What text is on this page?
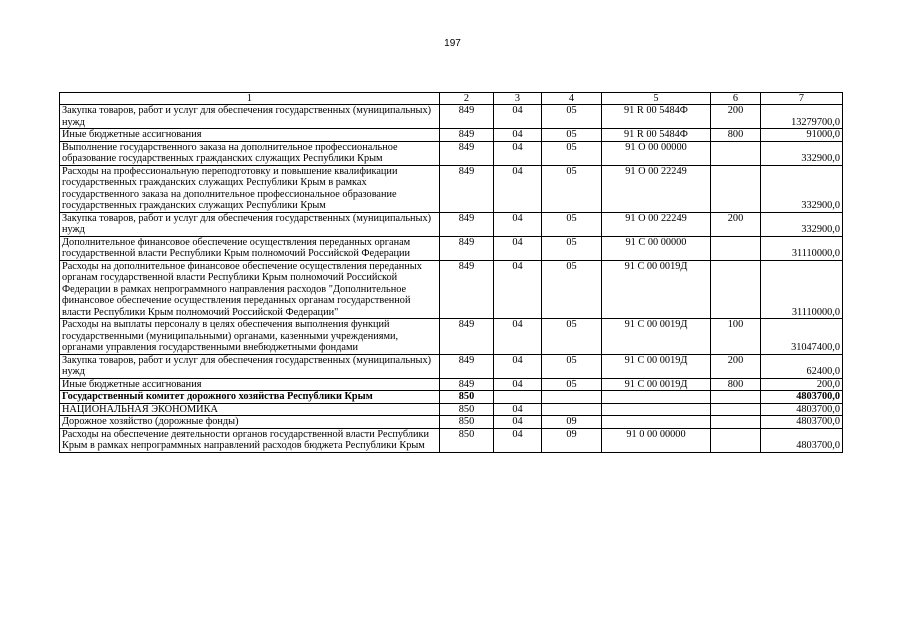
197
1	2	3	4	5	6	7
Закупка товаров, работ и услуг для обеспечения государственных (муниципальных) нужд	849	04	05	91 R 00 5484Ф	200	13279700,0
Иные бюджетные ассигнования	849	04	05	91 R 00 5484Ф	800	91000,0
Выполнение государственного заказа на дополнительное профессиональное образование государственных гражданских служащих Республики Крым	849	04	05	91 О 00 00000		332900,0
Расходы на профессиональную переподготовку и повышение квалификации государственных гражданских служащих Республики Крым в рамках государственного заказа на дополнительное профессиональное образование государственных гражданских служащих Республики Крым	849	04	05	91 О 00 22249		332900,0
Закупка товаров, работ и услуг для обеспечения государственных (муниципальных) нужд	849	04	05	91 О 00 22249	200	332900,0
Дополнительное финансовое обеспечение осуществления переданных органам государственной власти Республики Крым полномочий Российской Федерации	849	04	05	91 С 00 00000		31110000,0
Расходы на дополнительное финансовое обеспечение осуществления переданных органам государственной власти Республики Крым полномочий Российской Федерации в рамках непрограммного направления расходов "Дополнительное финансовое обеспечение осуществления переданных органам государственной власти Республики Крым полномочий Российской Федерации"	849	04	05	91 С 00 0019Д		31110000,0
Расходы на выплаты персоналу в целях обеспечения выполнения функций государственными (муниципальными) органами, казенными учреждениями, органами управления государственными внебюджетными фондами	849	04	05	91 С 00 0019Д	100	31047400,0
Закупка товаров, работ и услуг для обеспечения государственных (муниципальных) нужд	849	04	05	91 С 00 0019Д	200	62400,0
Иные бюджетные ассигнования	849	04	05	91 С 00 0019Д	800	200,0
Государственный комитет дорожного хозяйства Республики Крым	850					4803700,0
НАЦИОНАЛЬНАЯ ЭКОНОМИКА	850	04				4803700,0
Дорожное хозяйство (дорожные фонды)	850	04	09			4803700,0
Расходы на обеспечение деятельности органов государственной власти Республики Крым в рамках непрограммных направлений расходов бюджета Республики Крым	850	04	09	91 0 00 00000		4803700,0
